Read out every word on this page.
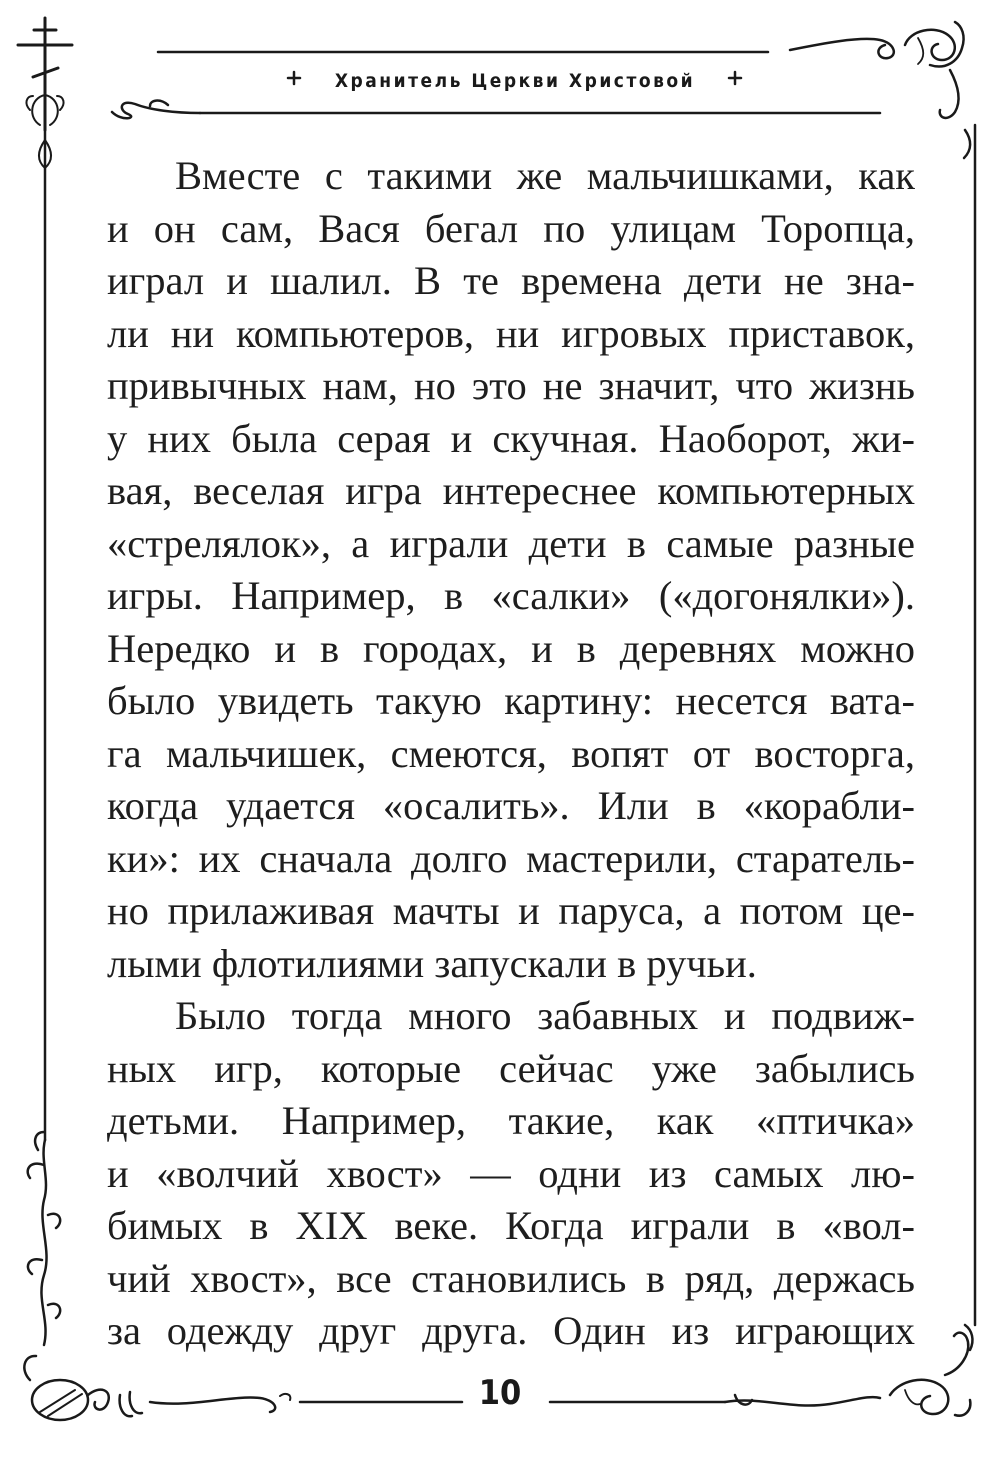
Хранитель Церкви Христовой
Вместе с такими же мальчишками, как
и он сам, Вася бегал по улицам Торопца,
играл и шалил. В те времена дети не зна-
ли ни компьютеров, ни игровых приставок,
привычных нам, но это не значит, что жизнь
у них была серая и скучная. Наоборот, жи-
вая, веселая игра интереснее компьютерных
«стрелялок», а играли дети в самые разные
игры. Например, в «салки» («догонялки»).
Нередко и в городах, и в деревнях можно
было увидеть такую картину: несется вата-
га мальчишек, смеются, вопят от восторга,
когда удается «осалить». Или в «корабли-
ки»: их сначала долго мастерили, старатель-
но прилаживая мачты и паруса, а потом це-
лыми флотилиями запускали в ручьи.
Было тогда много забавных и подвиж-
ных игр, которые сейчас уже забылись
детьми. Например, такие, как «птичка»
и «волчий хвост» — одни из самых лю-
бимых в XIX веке. Когда играли в «вол-
чий хвост», все становились в ряд, держась
за одежду друг друга. Один из играющих
10
